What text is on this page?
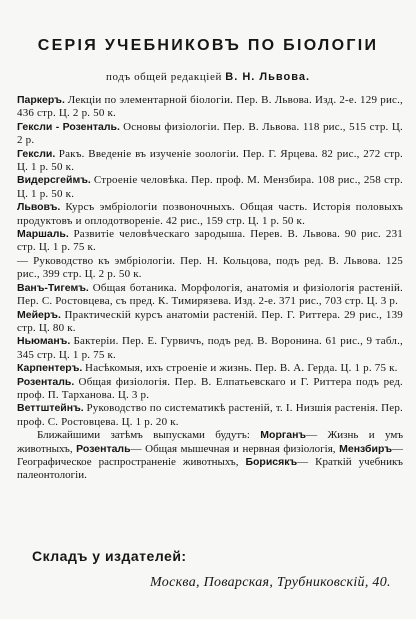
СЕРІЯ УЧЕБНИКОВЪ ПО БІОЛОГІИ
подъ общей редакціей В. Н. Львова.

Паркеръ. Лекціи по элементарной біологіи. Пер. В. Львова. Изд. 2-е. 129 рис., 436 стр. Ц. 2 р. 50 к.

Гексли - Розенталь. Основы физіологіи. Пер. В. Львова. 118 рис., 515 стр. Ц. 2 р.

Гексли. Ракъ. Введеніе въ изученіе зоологіи. Пер. Г. Ярцева. 82 рис., 272 стр. Ц. 1 р. 50 к.

Видерсгеймъ. Строеніе человѣка. Пер. проф. М. Мензбира. 108 рис., 258 стр. Ц. 1 р. 50 к.

Львовъ. Курсъ эмбріологіи позвоночныхъ. Общая часть. Исторія половыхъ продуктовъ и оплодотвореніе. 42 рис., 159 стр. Ц. 1 р. 50 к.

Маршаль. Развитіе человѣческаго зародыша. Перев. В. Львова. 90 рис. 231 стр. Ц. 1 р. 75 к.

— Руководство къ эмбріологіи. Пер. Н. Кольцова, подъ ред. В. Львова. 125 рис., 399 стр. Ц. 2 р. 50 к.

Ванъ-Тигемъ. Общая ботаника. Морфологія, анатомія и физіологія растеній. Пер. С. Ростовцева, съ пред. К. Тимирязева. Изд. 2-е. 371 рис., 703 стр. Ц. 3 р.

Мейеръ. Практическій курсъ анатоміи растеній. Пер. Г. Риттера. 29 рис., 139 стр. Ц. 80 к.

Ньюманъ. Бактеріи. Пер. Е. Гурвичъ, подъ ред. В. Воронина. 61 рис., 9 табл., 345 стр. Ц. 1 р. 75 к.

Карпентеръ. Насѣкомыя, ихъ строеніе и жизнь. Пер. В. А. Герда. Ц. 1 р. 75 к.

Розенталь. Общая физіологія. Пер. В. Елпатьевскаго и Г. Риттера подъ ред. проф. П. Тарханова. Ц. 3 р.

Веттштейнъ. Руководство по систематикѣ растеній, т. I. Низшія растенія. Пер. проф. С. Ростовцева. Ц. 1 р. 20 к.

Ближайшими затѣмъ выпусками будутъ: Морганъ— Жизнь и умъ животныхъ, Розенталь— Общая мышечная и нервная физіологія, Мензбиръ— Географическое распространеніе животныхъ, Борисякъ— Краткій учебникъ палеонтологіи.

Складъ у издателей:
Москва, Поварская, Трубниковскій, 40.
